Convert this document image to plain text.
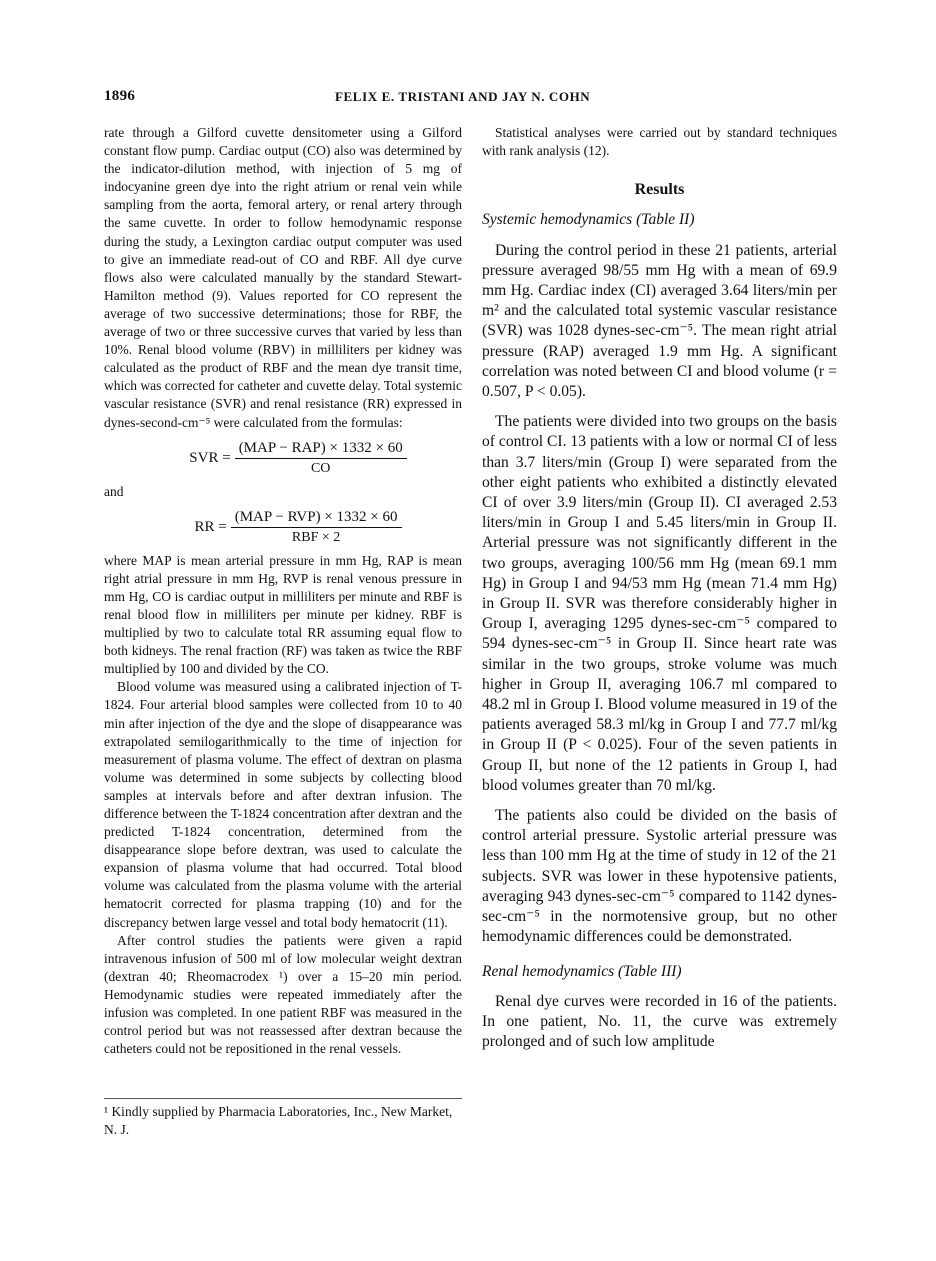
1896	FELIX E. TRISTANI AND JAY N. COHN

rate through a Gilford cuvette densitometer using a Gilford constant flow pump. Cardiac output (CO) also was determined by the indicator-dilution method, with injection of 5 mg of indocyanine green dye into the right atrium or renal vein while sampling from the aorta, femoral artery, or renal artery through the same cuvette. In order to follow hemodynamic response during the study, a Lexington cardiac output computer was used to give an immediate read-out of CO and RBF. All dye curve flows also were calculated manually by the standard Stewart-Hamilton method (9). Values reported for CO represent the average of two successive determinations; those for RBF, the average of two or three successive curves that varied by less than 10%. Renal blood volume (RBV) in milliliters per kidney was calculated as the product of RBF and the mean dye transit time, which was corrected for catheter and cuvette delay. Total systemic vascular resistance (SVR) and renal resistance (RR) expressed in dynes-second-cm⁻⁵ were calculated from the formulas:

SVR = $\frac{\text{(MAP − RAP) × 1332 × 60}}{CO}$
and
RR = $\frac{\text{(MAP − RVP) × 1332 × 60}}{\text{RBF × 2}}$

where MAP is mean arterial pressure in mm Hg, RAP is mean right atrial pressure in mm Hg, RVP is renal venous pressure in mm Hg, CO is cardiac output in milliliters per minute and RBF is renal blood flow in milliliters per minute per kidney. RBF is multiplied by two to calculate total RR assuming equal flow to both kidneys. The renal fraction (RF) was taken as twice the RBF multiplied by 100 and divided by the CO.

Blood volume was measured using a calibrated injection of T-1824. Four arterial blood samples were collected from 10 to 40 min after injection of the dye and the slope of disappearance was extrapolated semilogarithmically to the time of injection for measurement of plasma volume. The effect of dextran on plasma volume was determined in some subjects by collecting blood samples at intervals before and after dextran infusion. The difference between the T-1824 concentration after dextran and the predicted T-1824 concentration, determined from the disappearance slope before dextran, was used to calculate the expansion of plasma volume that had occurred. Total blood volume was calculated from the plasma volume with the arterial hematocrit corrected for plasma trapping (10) and for the discrepancy betwen large vessel and total body hematocrit (11).

After control studies the patients were given a rapid intravenous infusion of 500 ml of low molecular weight dextran (dextran 40; Rheomacrodex ¹) over a 15–20 min period. Hemodynamic studies were repeated immediately after the infusion was completed. In one patient RBF was measured in the control period but was not reassessed after dextran because the catheters could not be repositioned in the renal vessels.

¹ Kindly supplied by Pharmacia Laboratories, Inc., New Market, N. J.

Statistical analyses were carried out by standard techniques with rank analysis (12).

Results
Systemic hemodynamics (Table II)

During the control period in these 21 patients, arterial pressure averaged 98/55 mm Hg with a mean of 69.9 mm Hg. Cardiac index (CI) averaged 3.64 liters/min per m² and the calculated total systemic vascular resistance (SVR) was 1028 dynes-sec-cm⁻⁵. The mean right atrial pressure (RAP) averaged 1.9 mm Hg. A significant correlation was noted between CI and blood volume (r = 0.507, P < 0.05).

The patients were divided into two groups on the basis of control CI. 13 patients with a low or normal CI of less than 3.7 liters/min (Group I) were separated from the other eight patients who exhibited a distinctly elevated CI of over 3.9 liters/min (Group II). CI averaged 2.53 liters/min in Group I and 5.45 liters/min in Group II. Arterial pressure was not significantly different in the two groups, averaging 100/56 mm Hg (mean 69.1 mm Hg) in Group I and 94/53 mm Hg (mean 71.4 mm Hg) in Group II. SVR was therefore considerably higher in Group I, averaging 1295 dynes-sec-cm⁻⁵ compared to 594 dynes-sec-cm⁻⁵ in Group II. Since heart rate was similar in the two groups, stroke volume was much higher in Group II, averaging 106.7 ml compared to 48.2 ml in Group I. Blood volume measured in 19 of the patients averaged 58.3 ml/kg in Group I and 77.7 ml/kg in Group II (P < 0.025). Four of the seven patients in Group II, but none of the 12 patients in Group I, had blood volumes greater than 70 ml/kg.

The patients also could be divided on the basis of control arterial pressure. Systolic arterial pressure was less than 100 mm Hg at the time of study in 12 of the 21 subjects. SVR was lower in these hypotensive patients, averaging 943 dynes-sec-cm⁻⁵ compared to 1142 dynes-sec-cm⁻⁵ in the normotensive group, but no other hemodynamic differences could be demonstrated.

Renal hemodynamics (Table III)

Renal dye curves were recorded in 16 of the patients. In one patient, No. 11, the curve was extremely prolonged and of such low amplitude
